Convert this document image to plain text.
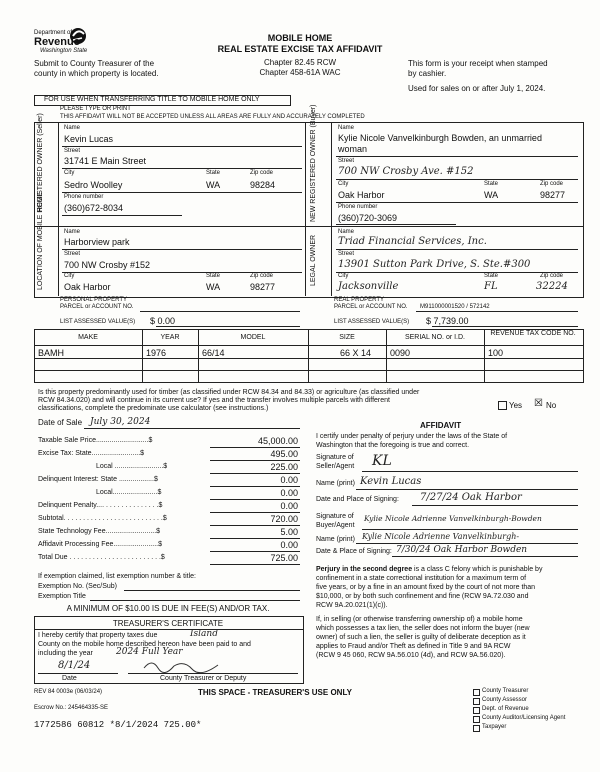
Department of
Revenue
Washington State
MOBILE HOME
REAL ESTATE EXCISE TAX AFFIDAVIT
Chapter 82.45 RCW
Chapter 458-61A WAC
Submit to County Treasurer of the
county in which property is located.
This form is your receipt when stamped
by cashier.
Used for sales on or after July 1, 2024.
FOR USE WHEN TRANSFERRING TITLE TO MOBILE HOME ONLY
PLEASE TYPE OR PRINT
THIS AFFIDAVIT WILL NOT BE ACCEPTED UNLESS ALL AREAS ARE FULLY AND ACCURATELY COMPLETED
REGISTERED OWNER (Seller)	NEW REGISTERED OWNER (Buyer)
LOCATION OF MOBILE HOME	LEGAL OWNER
Name
Kevin Lucas
Street
31741 E Main Street
City	State	Zip code
Sedro Woolley	WA	98284
Phone number
(360)672-8034
Name
Kylie Nicole Vanvelkinburgh Bowden, an unmarried
woman
Street
700 NW Crosby Ave. #152
City	State	Zip code
Oak Harbor	WA	98277
Phone number
(360)720-3069
Name
Harborview park
Street
700 NW Crosby #152
City	State	Zip code
Oak Harbor	WA	98277
Name
Triad Financial Services, Inc.
Street
13901 Sutton Park Drive, S. Ste.#300
City	State	Zip code
Jacksonville	FL	32224
PERSONAL PROPERTY
PARCEL or ACCOUNT NO.
LIST ASSESSED VALUE(S) $ 0.00
REAL PROPERTY
PARCEL or ACCOUNT NO. M911000001520 / 572142
LIST ASSESSED VALUE(S) $ 7,739.00
MAKE	YEAR	MODEL	SIZE	SERIAL NO. or I.D.
REVENUE TAX CODE NO.
BAMH	1976	66/14	66 X 14 0090	100
Is this property predominantly used for timber (as classified under RCW 84.34 and 84.33) or agriculture (as classified under
RCW 84.34.020) and will continue in its current use? If yes and the transfer involves multiple parcels with different
classifications, complete the predominate use calculator (see instructions.)	Yes ☒ No
Date of Sale July 30, 2024
If exemption claimed, list exemption number & title:
Exemption No. (Sec/Sub)
Exemption Title
A MINIMUM OF $10.00 IS DUE IN FEE(S) AND/OR TAX.
TREASURER'S CERTIFICATE
I hereby certify that property taxes due	Island
County on the mobile home described hereon have been paid to and
including the year	2024 Full Year
8/1/24
Date	County Treasurer or Deputy
AFFIDAVIT
I certify under penalty of perjury under the laws of the State of
Washington that the foregoing is true and correct.
Signature of
Seller/Agent KL
Name (print) Kevin Lucas
Date and Place of Signing: 7/27/24 Oak Harbor
Signature of
Buyer/Agent
Kylie Nicole Adrienne Vanvelkinburgh-Bowden
Name (print) Kylie Nicole Adrienne Vanvelkinburgh-
Date & Place of Signing: 7/30/24 Oak Harbor Bowden
Perjury in the second degree is a class C felony which is punishable by
confinement in a state correctional institution for a maximum term of
five years, or by a fine in an amount fixed by the court of not more than
$10,000, or by both such confinement and fine (RCW 9A.72.030 and
RCW 9A.20.021(1)(c)).
If, in selling (or otherwise transferring ownership of) a mobile home
which possesses a tax lien, the seller does not inform the buyer (new
owner) of such a lien, the seller is guilty of deliberate deception as it
applies to Fraud and/or Theft as defined in Title 9 and 9A RCW
(RCW 9 45 060, RCW 9A.56.010 (4d), and RCW 9A.56.020).
REV 84 0003e (06/03/24)	THIS SPACE - TREASURER'S USE ONLY
Escrow No.: 245464335-SE
1772586 60812 *8/1/2024 725.00*
County Treasurer
County Assessor
Dept. of Revenue
County Auditor/Licensing Agent
Taxpayer
Taxable Sale Price...........................$	45,000.00
Excise Tax: State.........................$	495.00
Local .........................$	225.00
Delinquent Interest: State ..................$	0.00
Local.......................$	0.00
Delinquent Penalty.... . . . . . . . . . . . . . .$	0.00
Subtotal. . . . . . . . . . . . . . . . . . . . . . . . . .$	720.00
State Technology Fee..........................$	5.00
Affidavit Processing Fee.......................$	0.00
Total Due . . . . . . . . . . . . . . . . . . . . . . . .$	725.00
